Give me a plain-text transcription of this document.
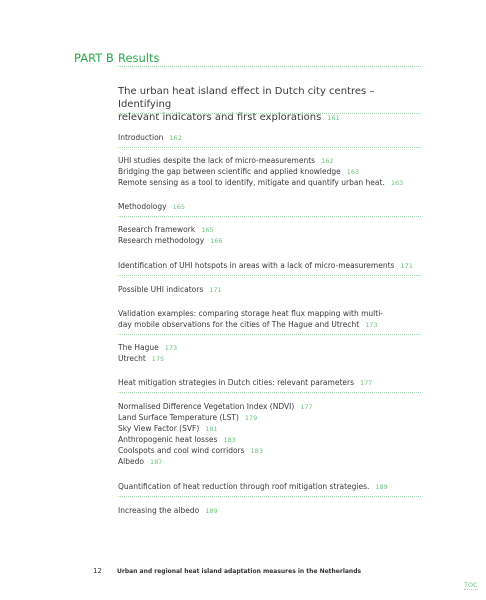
PART B Results
The urban heat island effect in Dutch city centres – Identifying
relevant indicators and first explorations 161
Introduction 162
UHI studies despite the lack of micro-measurements 162
Bridging the gap between scientific and applied knowledge 163
Remote sensing as a tool to identify, mitigate and quantify urban heat. 163
Methodology 165
Research framework 165
Research methodology 166
Identification of UHI hotspots in areas with a lack of micro-measurements 171
Possible UHI indicators 171
Validation examples: comparing storage heat flux mapping with multi-
day mobile observations for the cities of The Hague and Utrecht 173
The Hague 173
Utrecht 175
Heat mitigation strategies in Dutch cities: relevant parameters 177
Normalised Difference Vegetation Index (NDVI) 177
Land Surface Temperature (LST) 179
Sky View Factor (SVF) 181
Anthropogenic heat losses 183
Coolspots and cool wind corridors 183
Albedo 187
Quantification of heat reduction through roof mitigation strategies. 189
Increasing the albedo 189
12	Urban and regional heat island adaptation measures in the Netherlands
TOC
